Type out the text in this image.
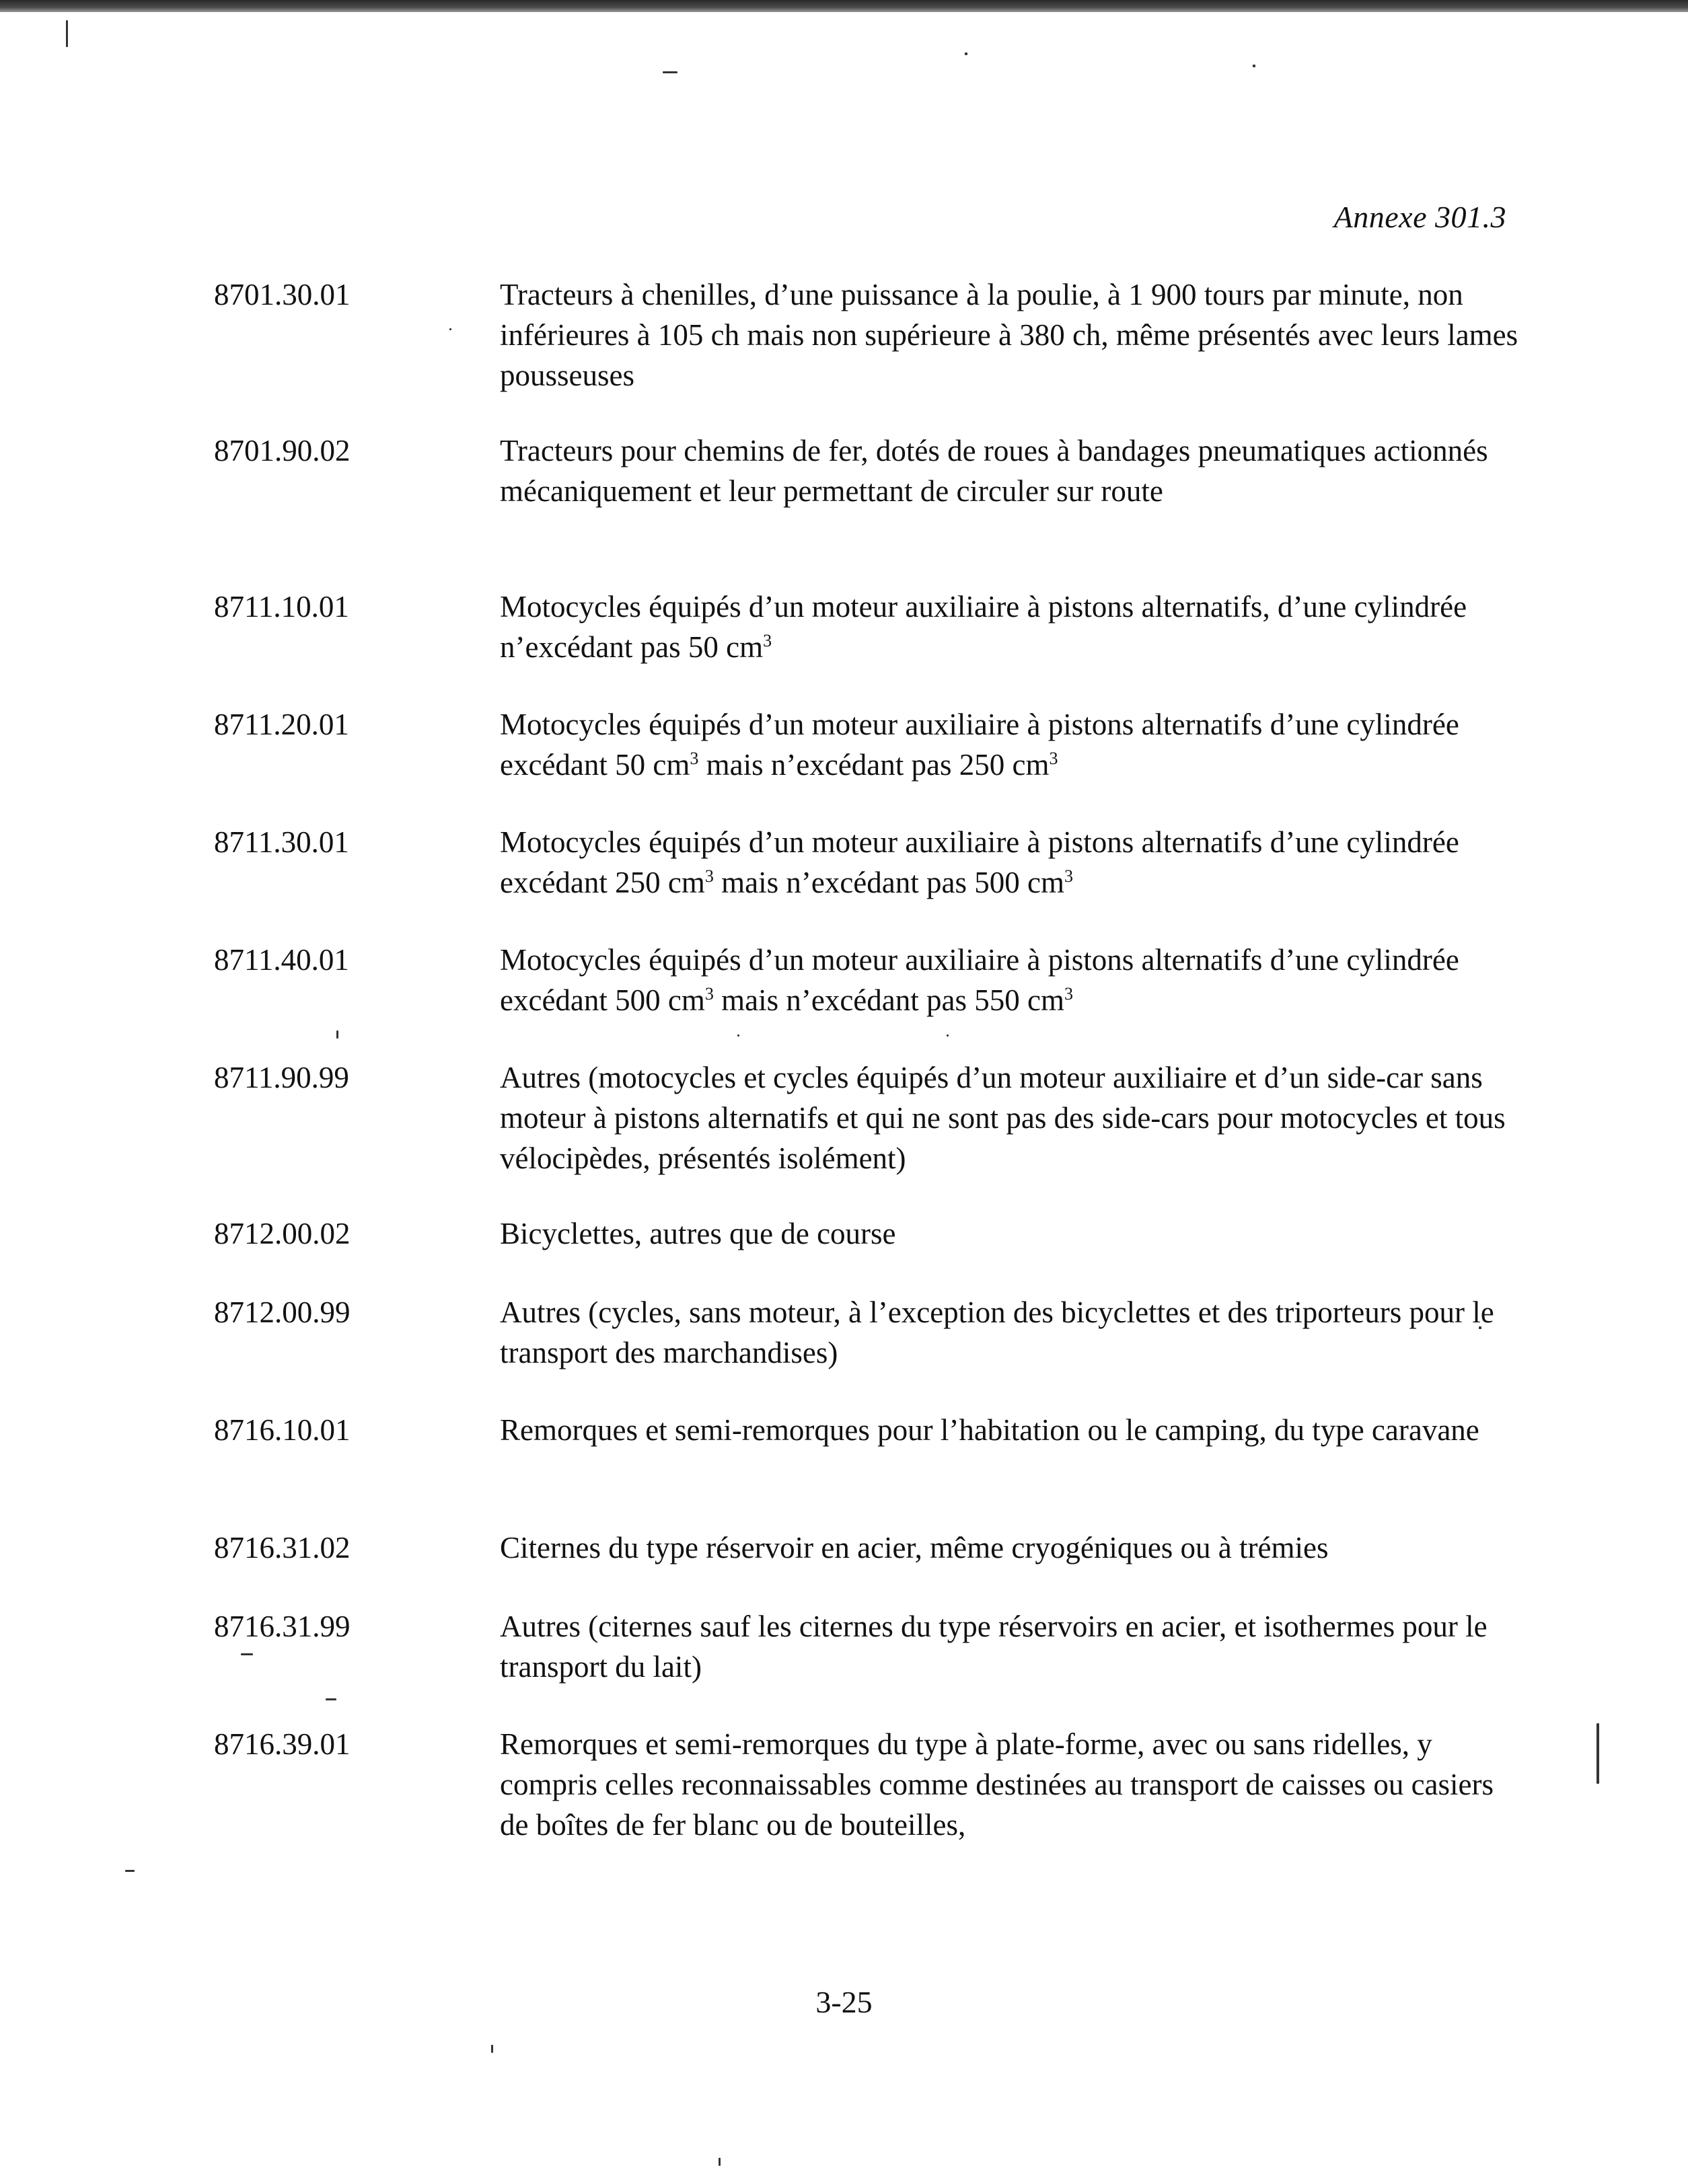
Annexe 301.3
8701.30.01	Tracteurs à chenilles, d’une puissance à la poulie, à 1 900 tours par minute, non inférieures à 105 ch mais non supérieure à 380 ch, même présentés avec leurs lames pousseuses
8701.90.02	Tracteurs pour chemins de fer, dotés de roues à bandages pneumatiques actionnés mécaniquement et leur permettant de circuler sur route
8711.10.01	Motocycles équipés d’un moteur auxiliaire à pistons alternatifs, d’une cylindrée n’excédant pas 50 $cm^3$
8711.20.01	Motocycles équipés d’un moteur auxiliaire à pistons alternatifs d’une cylindrée excédant 50 $cm^3$ mais n’excédant pas 250 $cm^3$
8711.30.01	Motocycles équipés d’un moteur auxiliaire à pistons alternatifs d’une cylindrée excédant 250 $cm^3$ mais n’excédant pas 500 $cm^3$
8711.40.01	Motocycles équipés d’un moteur auxiliaire à pistons alternatifs d’une cylindrée excédant 500 $cm^3$ mais n’excédant pas 550 $cm^3$
8711.90.99	Autres (motocycles et cycles équipés d’un moteur auxiliaire et d’un side-car sans moteur à pistons alternatifs et qui ne sont pas des side-cars pour motocycles et tous vélocipèdes, présentés isolément)
8712.00.02	Bicyclettes, autres que de course
8712.00.99	Autres (cycles, sans moteur, à l’exception des bicyclettes et des triporteurs pour le transport des marchandises)
8716.10.01	Remorques et semi-remorques pour l’habitation ou le camping, du type caravane
8716.31.02	Citernes du type réservoir en acier, même cryogéniques ou à trémies
8716.31.99	Autres (citernes sauf les citernes du type réservoirs en acier, et isothermes pour le transport du lait)
8716.39.01	Remorques et semi-remorques du type à plate-forme, avec ou sans ridelles, y compris celles reconnaissables comme destinées au transport de caisses ou casiers de boîtes de fer blanc ou de bouteilles,
3-25
